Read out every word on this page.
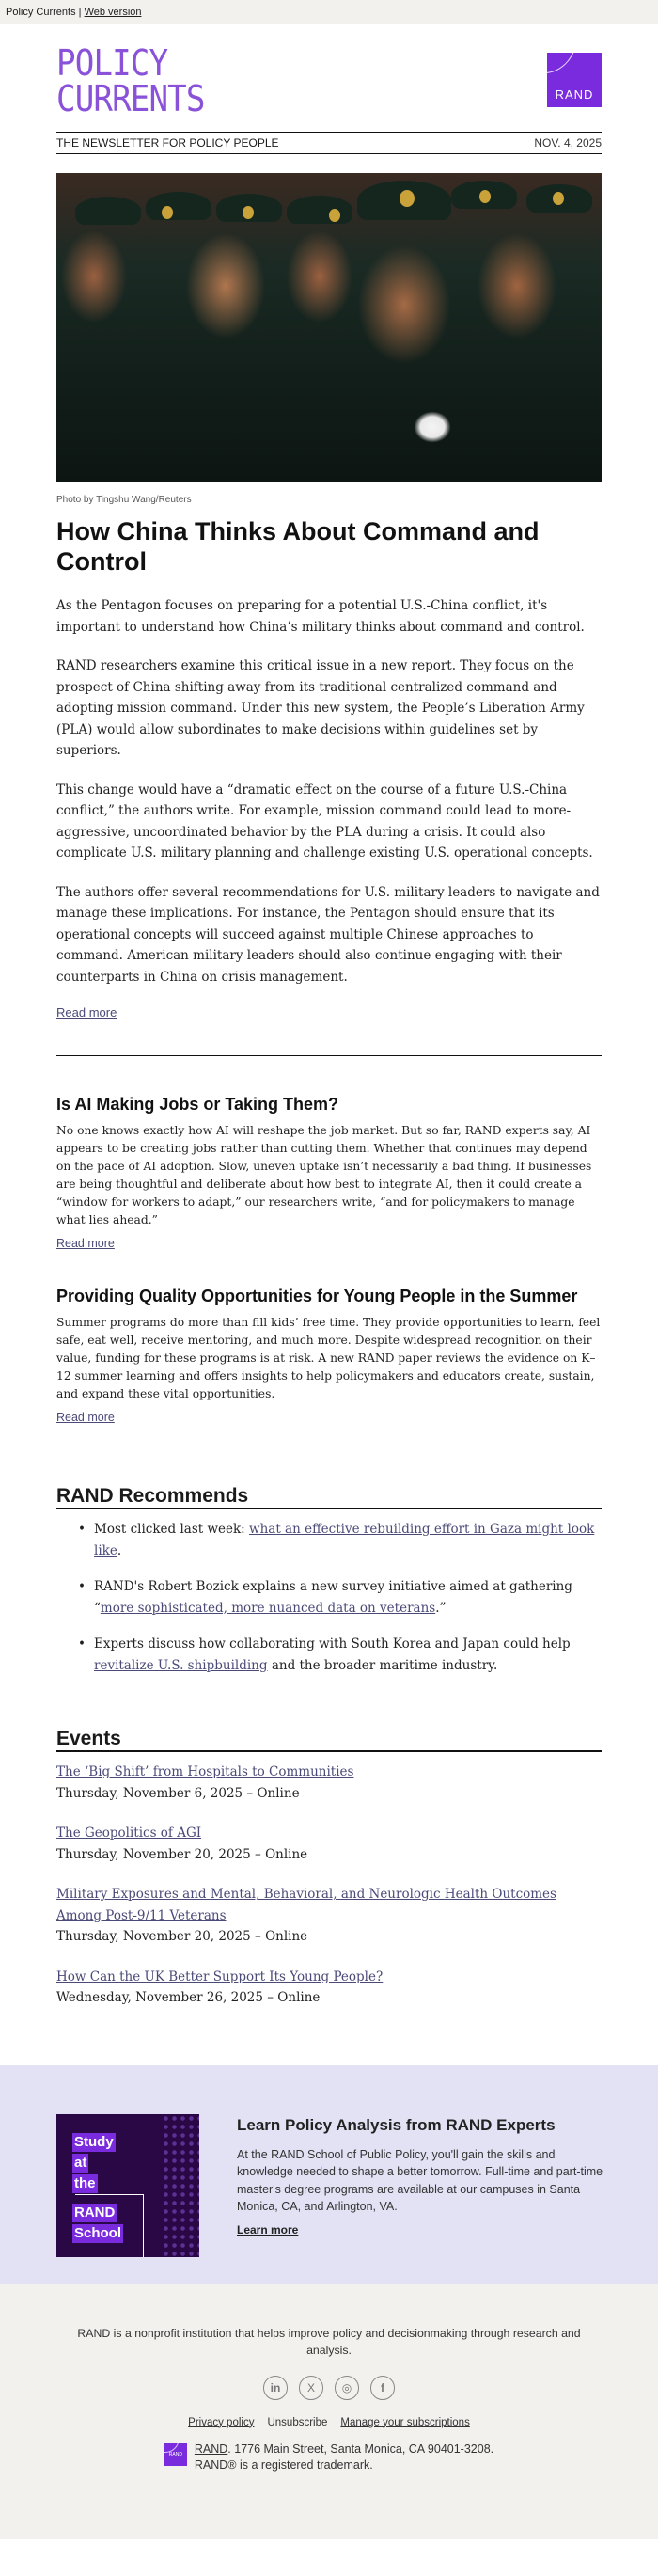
Policy Currents | Web version
POLICY
CURRENTS	RAND
THE NEWSLETTER FOR POLICY PEOPLE	NOV. 4, 2025
Photo by Tingshu Wang/Reuters
How China Thinks About Command and Control

As the Pentagon focuses on preparing for a potential U.S.-China conflict, it's important to understand how China’s military thinks about command and control.

RAND researchers examine this critical issue in a new report. They focus on the prospect of China shifting away from its traditional centralized command and adopting mission command. Under this new system, the People’s Liberation Army (PLA) would allow subordinates to make decisions within guidelines set by superiors.

This change would have a “dramatic effect on the course of a future U.S.-China conflict,” the authors write. For example, mission command could lead to more-aggressive, uncoordinated behavior by the PLA during a crisis. It could also complicate U.S. military planning and challenge existing U.S. operational concepts.

The authors offer several recommendations for U.S. military leaders to navigate and manage these implications. For instance, the Pentagon should ensure that its operational concepts will succeed against multiple Chinese approaches to command. American military leaders should also continue engaging with their counterparts in China on crisis management.

Read more
Is AI Making Jobs or Taking Them?

No one knows exactly how AI will reshape the job market. But so far, RAND experts say, AI appears to be creating jobs rather than cutting them. Whether that continues may depend on the pace of AI adoption. Slow, uneven uptake isn’t necessarily a bad thing. If businesses are being thoughtful and deliberate about how best to integrate AI, then it could create a “window for workers to adapt,” our researchers write, “and for policymakers to manage what lies ahead.”

Read more
Providing Quality Opportunities for Young People in the Summer

Summer programs do more than fill kids’ free time. They provide opportunities to learn, feel safe, eat well, receive mentoring, and much more. Despite widespread recognition on their value, funding for these programs is at risk. A new RAND paper reviews the evidence on K–12 summer learning and offers insights to help policymakers and educators create, sustain, and expand these vital opportunities.

Read more
RAND Recommends
• Most clicked last week: what an effective rebuilding effort in Gaza might look like.
• RAND's Robert Bozick explains a new survey initiative aimed at gathering “more sophisticated, more nuanced data on veterans.”
• Experts discuss how collaborating with South Korea and Japan could help revitalize U.S. shipbuilding and the broader maritime industry.
Events
The ‘Big Shift’ from Hospitals to Communities
Thursday, November 6, 2025 – Online
The Geopolitics of AGI
Thursday, November 20, 2025 – Online
Military Exposures and Mental, Behavioral, and Neurologic Health Outcomes Among Post-9/11 Veterans
Thursday, November 20, 2025 – Online
How Can the UK Better Support Its Young People?
Wednesday, November 26, 2025 – Online
Study
at
the
RAND
School
Learn Policy Analysis from RAND Experts

At the RAND School of Public Policy, you'll gain the skills and knowledge needed to shape a better tomorrow. Full-time and part-time master's degree programs are available at our campuses in Santa Monica, CA, and Arlington, VA.

Learn more

RAND is a nonprofit institution that helps improve policy and decisionmaking through research and analysis.

in	X	◎	f
Privacy policy Unsubscribe Manage your subscriptions
RAND	RAND. 1776 Main Street, Santa Monica, CA 90401-3208.
RAND® is a registered trademark.
